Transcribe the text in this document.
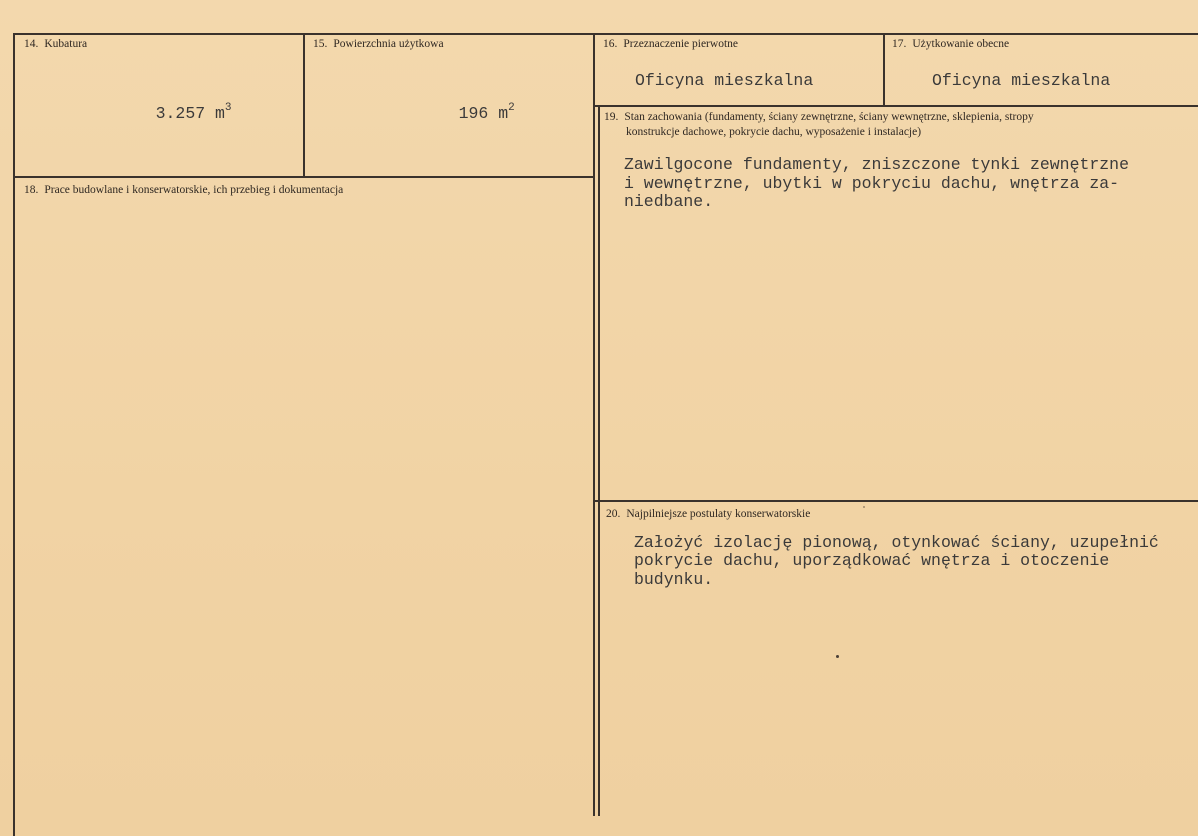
14. Kubatura

3.257 $m^3$

15. Powierzchnia użytkowa

196 $m^2$

16. Przeznaczenie pierwotne
Oficyna mieszkalna
17. Użytkowanie obecne
Oficyna mieszkalna
18. Prace budowlane i konserwatorskie, ich przebieg i dokumentacja
19. Stan zachowania (fundamenty, ściany zewnętrzne, ściany wewnętrzne, sklepienia, stropy
konstrukcje dachowe, pokrycie dachu, wyposażenie i instalacje)
Zawilgocone fundamenty, zniszczone tynki zewnętrzne
i wewnętrzne, ubytki w pokryciu dachu, wnętrza za-
niedbane.
20. Najpilniejsze postulaty konserwatorskie
Założyć izolację pionową, otynkować ściany, uzupełnić
pokrycie dachu, uporządkować wnętrza i otoczenie
budynku.
